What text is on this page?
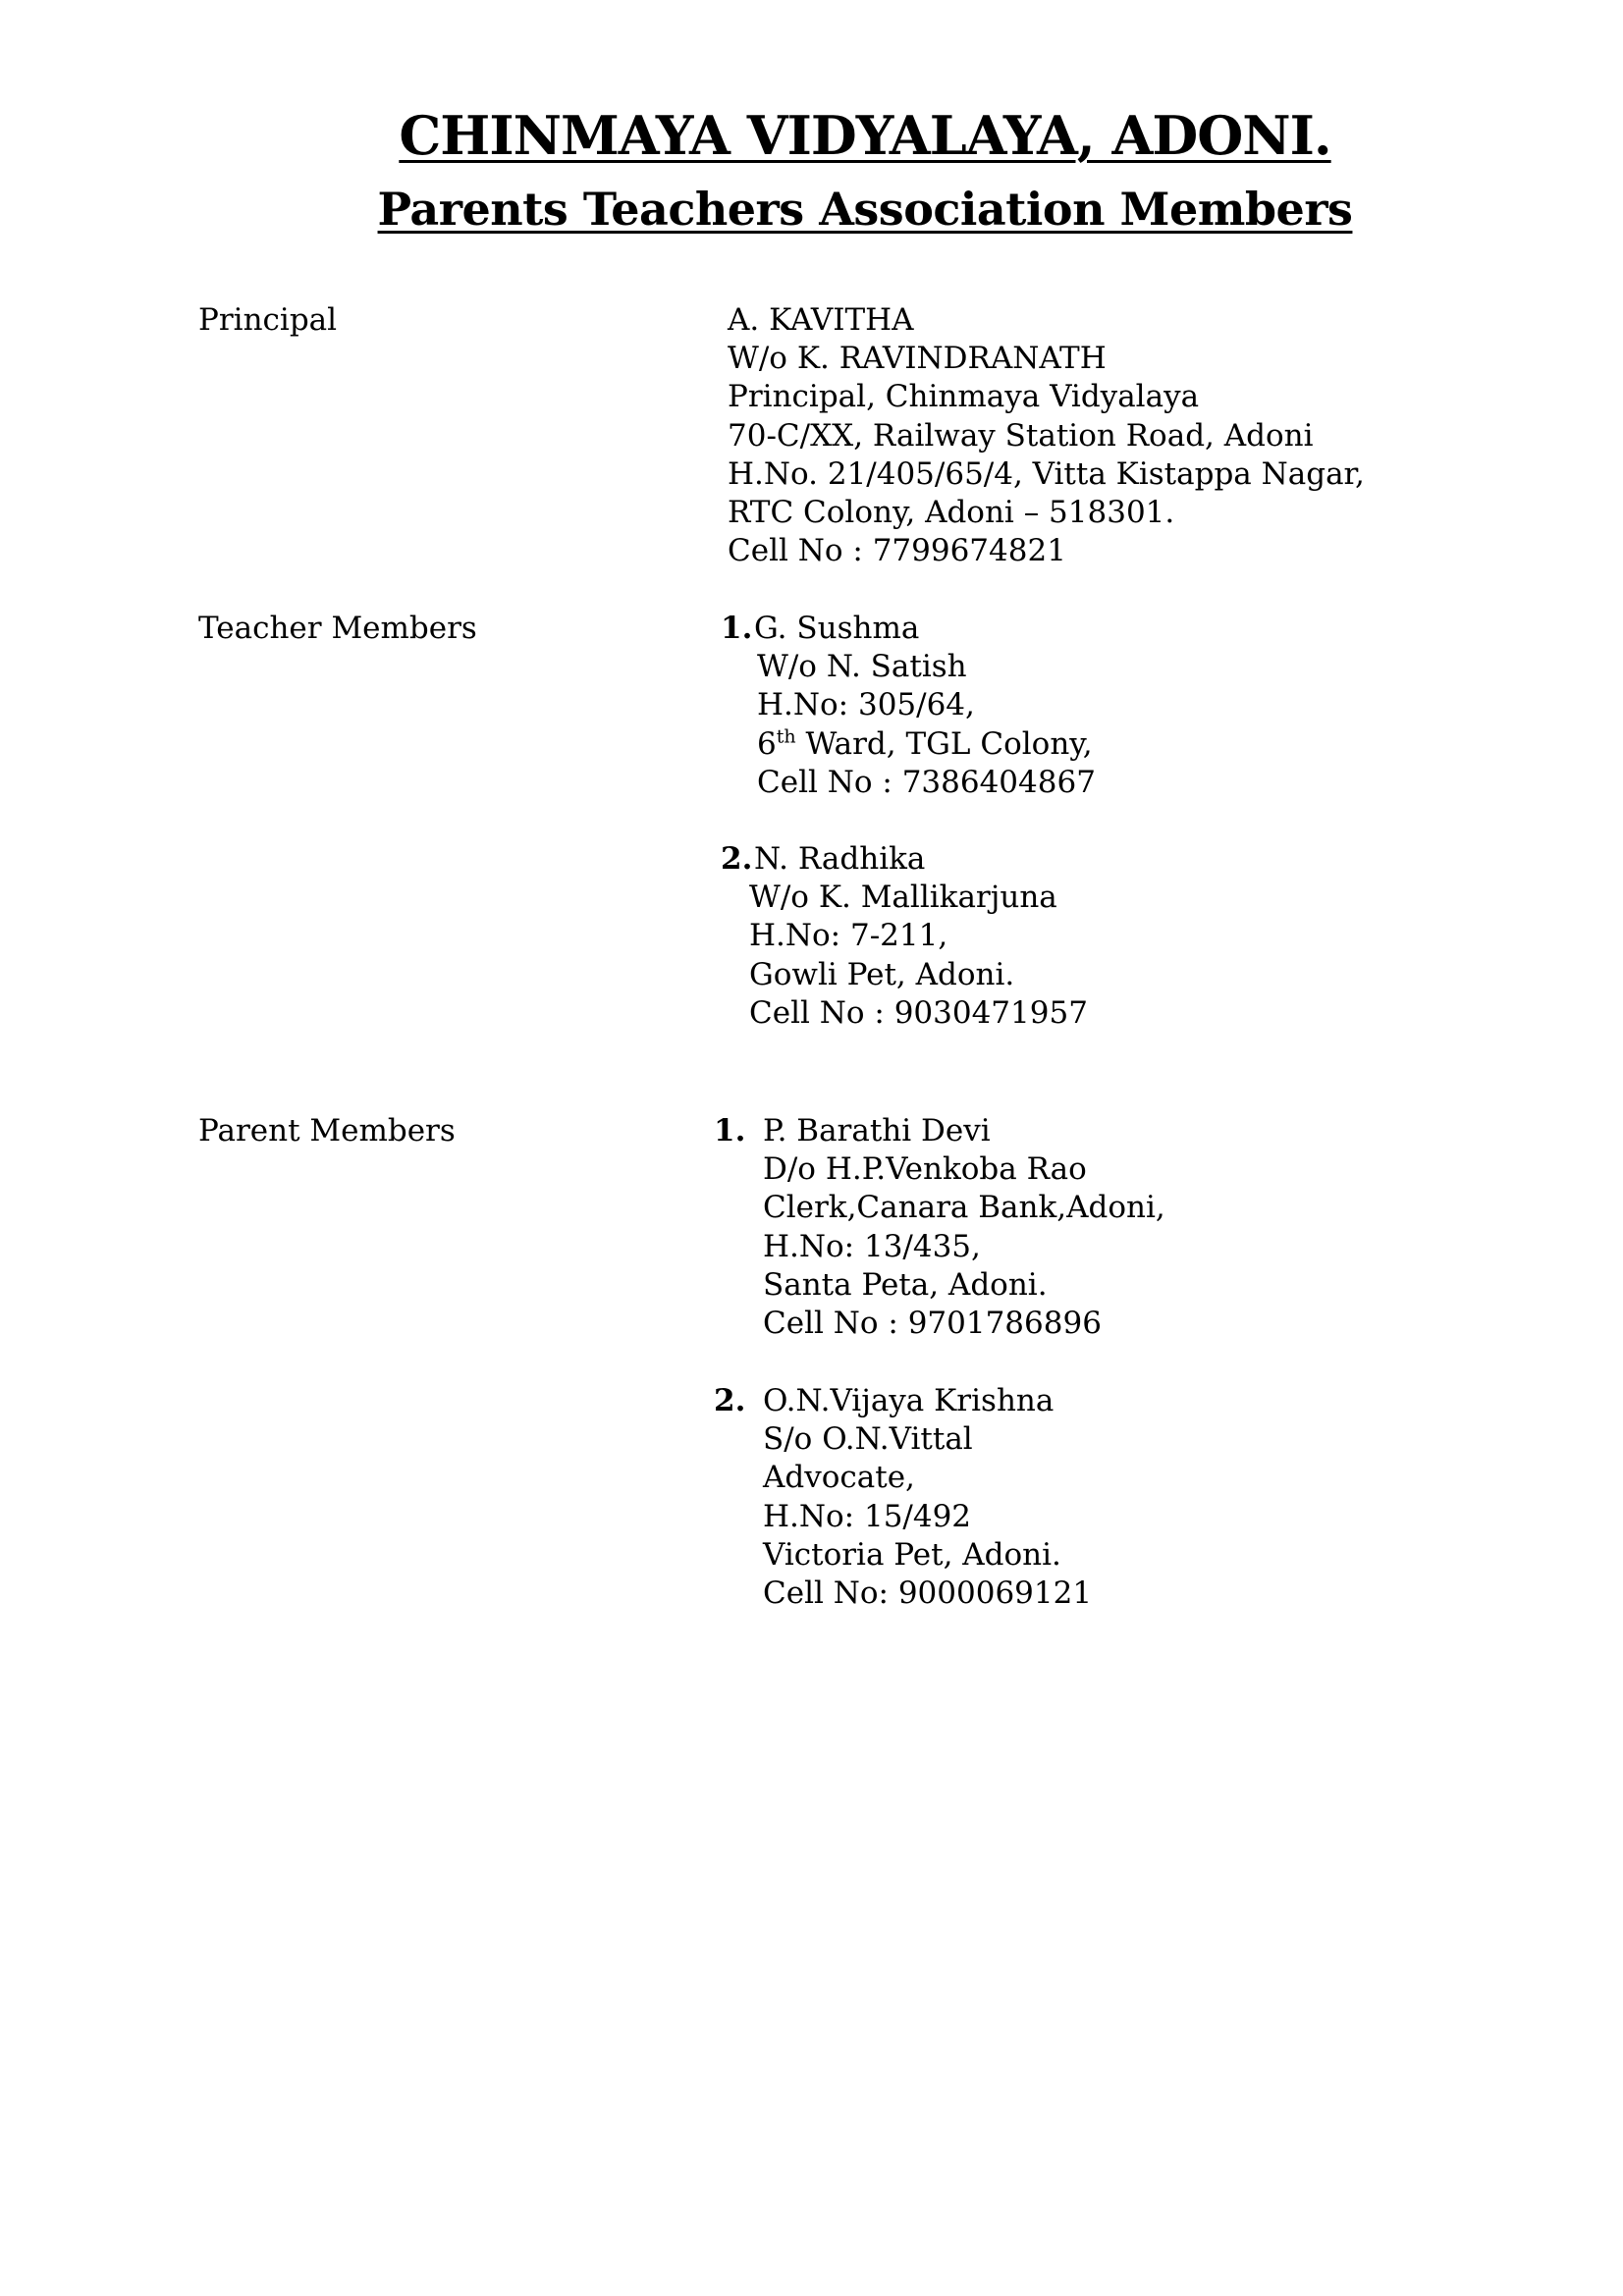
CHINMAYA VIDYALAYA, ADONI.
Parents Teachers Association Members
Principal	A. KAVITHA
W/o K. RAVINDRANATH
Principal, Chinmaya Vidyalaya
70-C/XX, Railway Station Road, Adoni
H.No. 21/405/65/4, Vitta Kistappa Nagar,
RTC Colony, Adoni – 518301.
Cell No : 7799674821
Teacher Members	1. G. Sushma
W/o N. Satish
H.No: 305/64,
6th Ward, TGL Colony,
Cell No : 7386404867
2. N. Radhika
W/o K. Mallikarjuna
H.No: 7-211,
Gowli Pet, Adoni.
Cell No : 9030471957
Parent Members	1. P. Barathi Devi
D/o H.P.Venkoba Rao
Clerk,Canara Bank,Adoni,
H.No: 13/435,
Santa Peta, Adoni.
Cell No : 9701786896
2. O.N.Vijaya Krishna
S/o O.N.Vittal
Advocate,
H.No: 15/492
Victoria Pet, Adoni.
Cell No: 9000069121
